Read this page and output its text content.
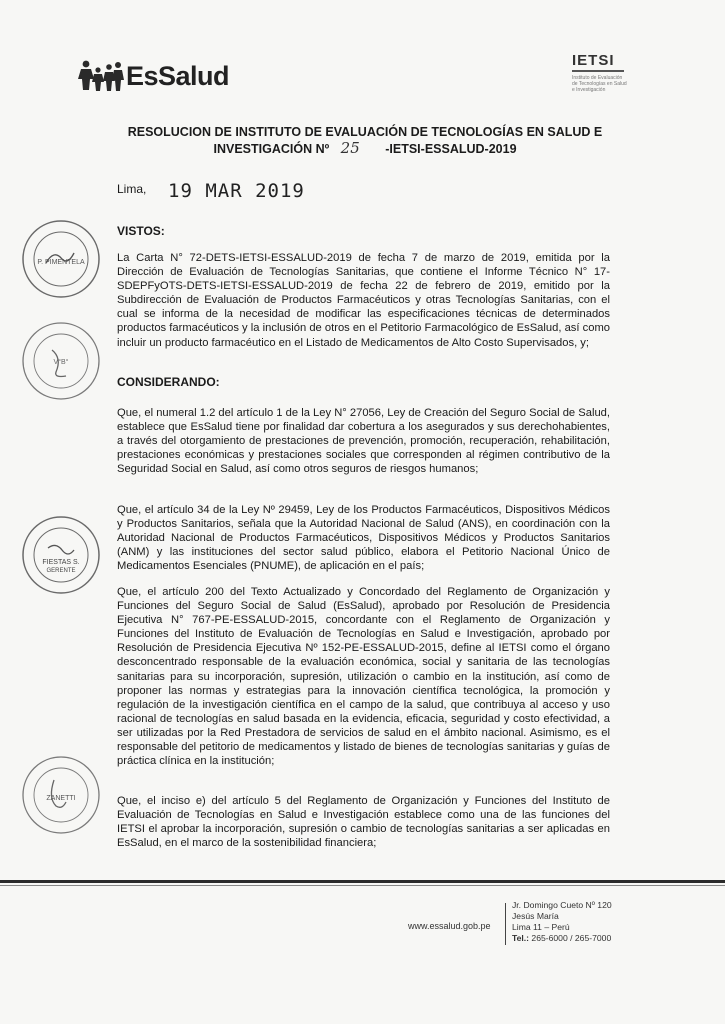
EsSalud
IETSI
Instituto de Evaluación
de Tecnologías en Salud
e Investigación
RESOLUCION DE INSTITUTO DE EVALUACIÓN DE TECNOLOGÍAS EN SALUD E
INVESTIGACIÓN Nº 25 -IETSI-ESSALUD-2019
Lima, 19 MAR 2019
VISTOS:

La Carta N° 72-DETS-IETSI-ESSALUD-2019 de fecha 7 de marzo de 2019, emitida por la Dirección de Evaluación de Tecnologías Sanitarias, que contiene el Informe Técnico N° 17-SDEPFyOTS-DETS-IETSI-ESSALUD-2019 de fecha 22 de febrero de 2019, emitido por la Subdirección de Evaluación de Productos Farmacéuticos y otras Tecnologías Sanitarias, con el cual se informa de la necesidad de modificar las especificaciones técnicas de determinados productos farmacéuticos y la inclusión de otros en el Petitorio Farmacológico de EsSalud, así como incluir un producto farmacéutico en el Listado de Medicamentos de Alto Costo Supervisados, y;

CONSIDERANDO:

Que, el numeral 1.2 del artículo 1 de la Ley N° 27056, Ley de Creación del Seguro Social de Salud, establece que EsSalud tiene por finalidad dar cobertura a los asegurados y sus derechohabientes, a través del otorgamiento de prestaciones de prevención, promoción, recuperación, rehabilitación, prestaciones económicas y prestaciones sociales que corresponden al régimen contributivo de la Seguridad Social en Salud, así como otros seguros de riesgos humanos;

Que, el artículo 34 de la Ley Nº 29459, Ley de los Productos Farmacéuticos, Dispositivos Médicos y Productos Sanitarios, señala que la Autoridad Nacional de Salud (ANS), en coordinación con la Autoridad Nacional de Productos Farmacéuticos, Dispositivos Médicos y Productos Sanitarios (ANM) y las instituciones del sector salud público, elabora el Petitorio Nacional Único de Medicamentos Esenciales (PNUME), de aplicación en el país;

Que, el artículo 200 del Texto Actualizado y Concordado del Reglamento de Organización y Funciones del Seguro Social de Salud (EsSalud), aprobado por Resolución de Presidencia Ejecutiva N° 767-PE-ESSALUD-2015, concordante con el Reglamento de Organización y Funciones del Instituto de Evaluación de Tecnologías en Salud e Investigación, aprobado por Resolución de Presidencia Ejecutiva Nº 152-PE-ESSALUD-2015, define al IETSI como el órgano desconcentrado responsable de la evaluación económica, social y sanitaria de las tecnologías sanitarias para su incorporación, supresión, utilización o cambio en la institución, así como de proponer las normas y estrategias para la innovación científica tecnológica, la promoción y regulación de la investigación científica en el campo de la salud, que contribuya al acceso y uso racional de tecnologías en salud basada en la evidencia, eficacia, seguridad y costo efectividad, a ser utilizadas por la Red Prestadora de servicios de salud en el ámbito nacional. Asimismo, es el responsable del petitorio de medicamentos y listado de bienes de tecnologías sanitarias y guías de práctica clínica en la institución;

Que, el inciso e) del artículo 5 del Reglamento de Organización y Funciones del Instituto de Evaluación de Tecnologías en Salud e Investigación establece como una de las funciones del IETSI el aprobar la incorporación, supresión o cambio de tecnologías sanitarias a ser aplicadas en EsSalud, en el marco de la sostenibilidad financiera;

P. PIMENTELA
V°B°
FIESTAS S.
GERENTE
ZANETTI
www.essalud.gob.pe
Jr. Domingo Cueto Nº 120
Jesús María
Lima 11 – Perú
Tel.: 265-6000 / 265-7000
